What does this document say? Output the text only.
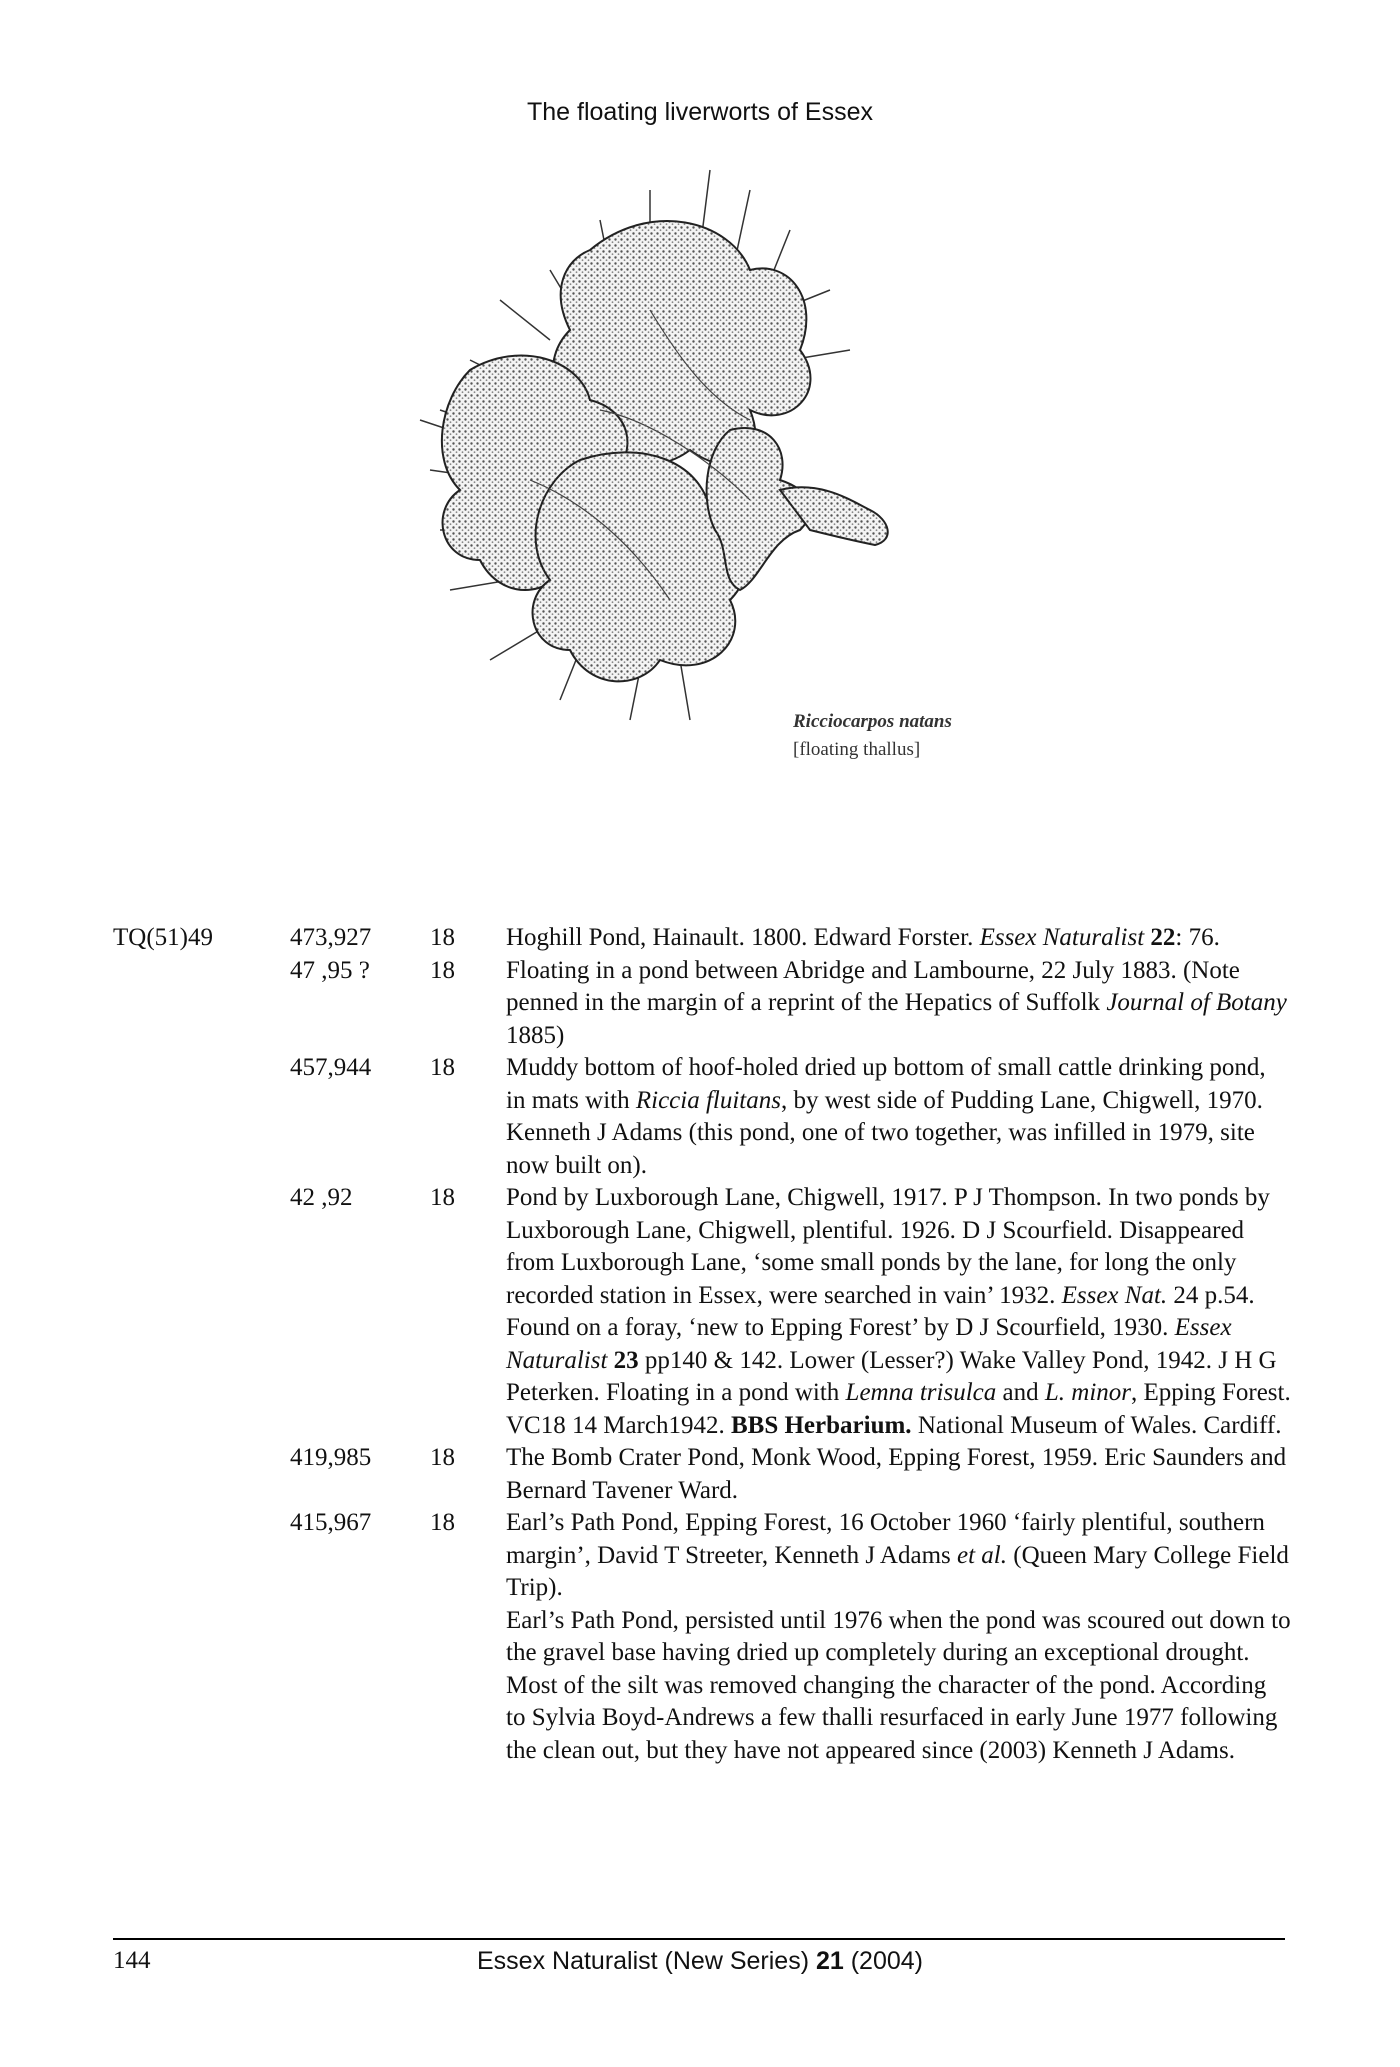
The floating liverworts of Essex
Ricciocarpos natans
[floating thallus]
TQ(51)49	473,927	18	Hoghill Pond, Hainault. 1800. Edward Forster. Essex Naturalist 22: 76.
47 ,95 ?	18	Floating in a pond between Abridge and Lambourne, 22 July 1883. (Note penned in the margin of a reprint of the Hepatics of Suffolk Journal of Botany 1885)
457,944	18	Muddy bottom of hoof-holed dried up bottom of small cattle drinking pond, in mats with Riccia fluitans, by west side of Pudding Lane, Chigwell, 1970. Kenneth J Adams (this pond, one of two together, was infilled in 1979, site now built on).
42 ,92	18	Pond by Luxborough Lane, Chigwell, 1917. P J Thompson. In two ponds by Luxborough Lane, Chigwell, plentiful. 1926. D J Scourfield. Disappeared from Luxborough Lane, ‘some small ponds by the lane, for long the only recorded station in Essex, were searched in vain’ 1932. Essex Nat. 24 p.54. Found on a foray, ‘new to Epping Forest’ by D J Scourfield, 1930. Essex Naturalist 23 pp140 & 142. Lower (Lesser?) Wake Valley Pond, 1942. J H G Peterken. Floating in a pond with Lemna trisulca and L. minor, Epping Forest. VC18 14 March1942. BBS Herbarium. National Museum of Wales. Cardiff.
419,985	18	The Bomb Crater Pond, Monk Wood, Epping Forest, 1959. Eric Saunders and Bernard Tavener Ward.
415,967	18	Earl’s Path Pond, Epping Forest, 16 October 1960 ‘fairly plentiful, southern margin’, David T Streeter, Kenneth J Adams et al. (Queen Mary College Field Trip).
Earl’s Path Pond, persisted until 1976 when the pond was scoured out down to the gravel base having dried up completely during an exceptional drought. Most of the silt was removed changing the character of the pond. According to Sylvia Boyd-Andrews a few thalli resurfaced in early June 1977 following the clean out, but they have not appeared since (2003) Kenneth J Adams.
144	Essex Naturalist (New Series) 21 (2004)
